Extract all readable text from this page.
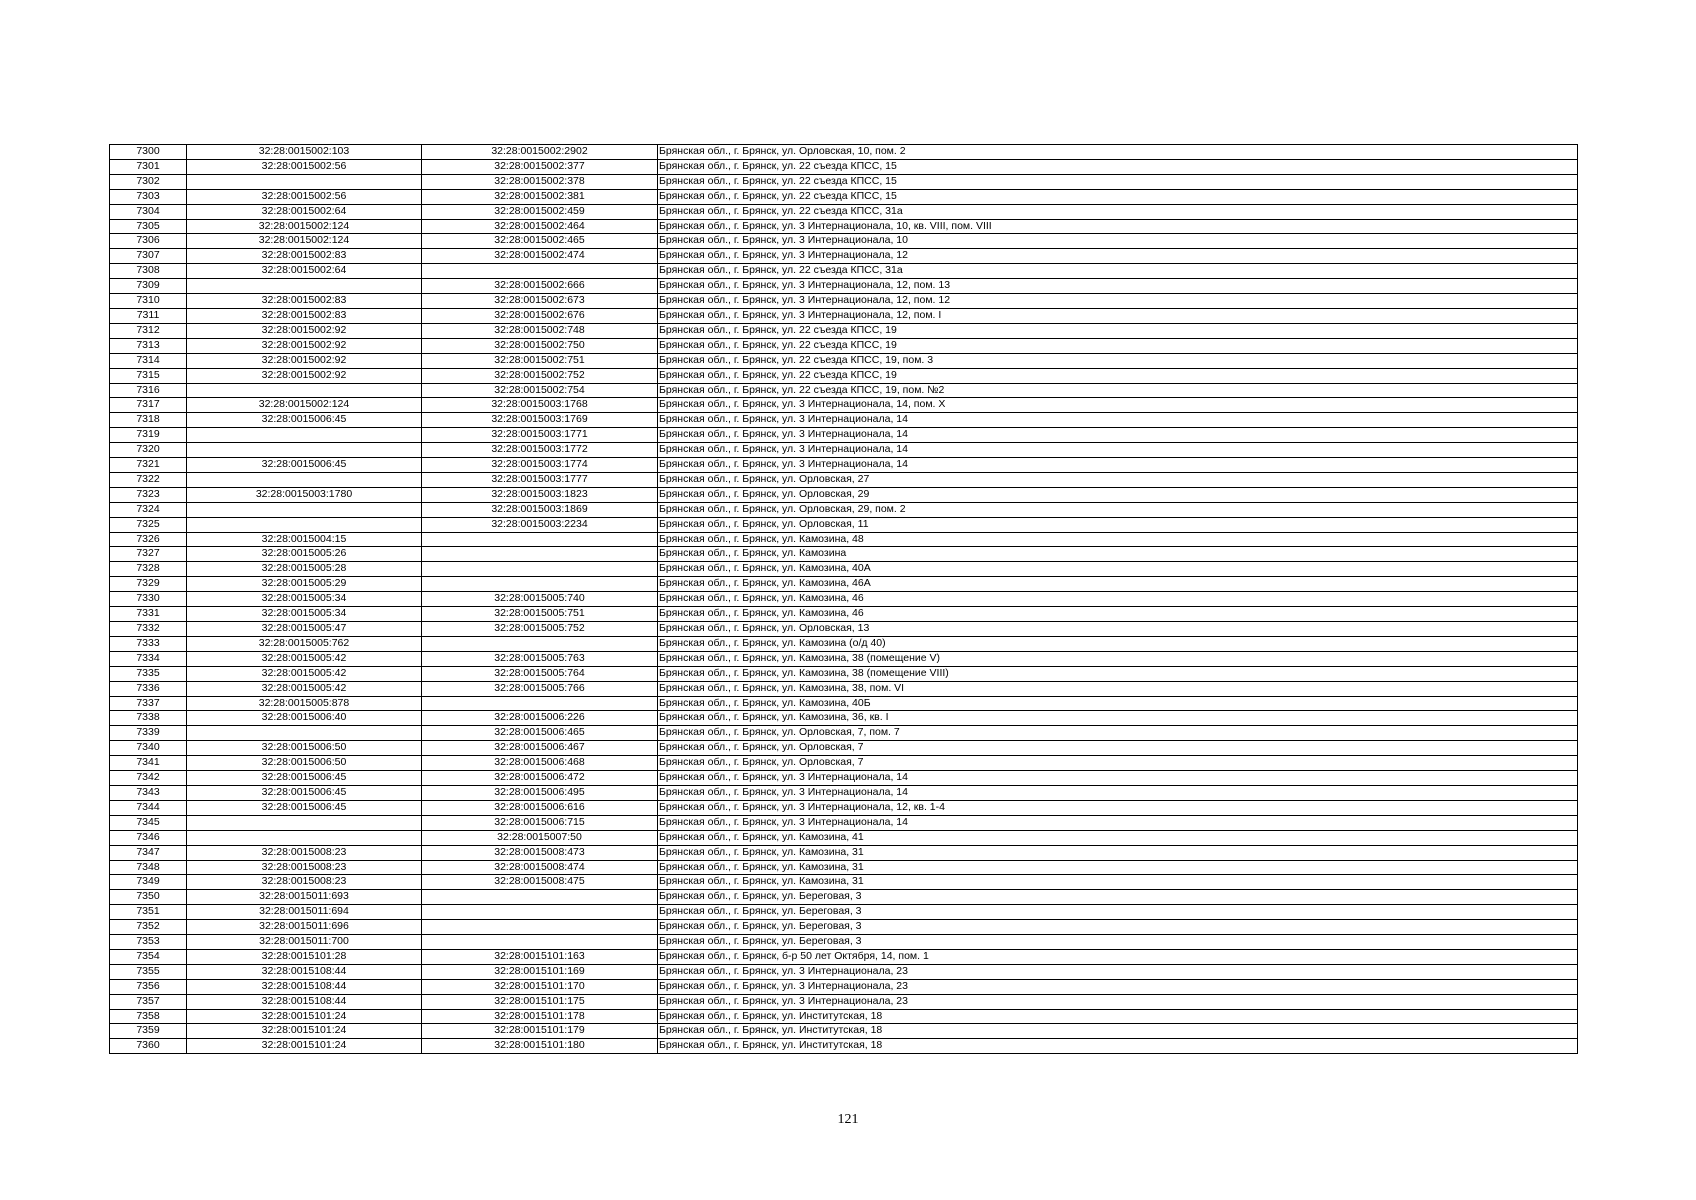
7300	32:28:0015002:103	32:28:0015002:2902	Брянская обл., г. Брянск, ул. Орловская, 10, пом. 2
7301	32:28:0015002:56	32:28:0015002:377	Брянская обл., г. Брянск, ул. 22 съезда КПСС, 15
7302		32:28:0015002:378	Брянская обл., г. Брянск, ул. 22 съезда КПСС, 15
7303	32:28:0015002:56	32:28:0015002:381	Брянская обл., г. Брянск, ул. 22 съезда КПСС, 15
7304	32:28:0015002:64	32:28:0015002:459	Брянская обл., г. Брянск, ул. 22 съезда КПСС, 31а
7305	32:28:0015002:124	32:28:0015002:464	Брянская обл., г. Брянск, ул. 3 Интернационала, 10, кв. VIII, пом. VIII
7306	32:28:0015002:124	32:28:0015002:465	Брянская обл., г. Брянск, ул. 3 Интернационала, 10
7307	32:28:0015002:83	32:28:0015002:474	Брянская обл., г. Брянск, ул. 3 Интернационала, 12
7308	32:28:0015002:64		Брянская обл., г. Брянск, ул. 22 съезда КПСС, 31а
7309		32:28:0015002:666	Брянская обл., г. Брянск, ул. 3 Интернационала, 12, пом. 13
7310	32:28:0015002:83	32:28:0015002:673	Брянская обл., г. Брянск, ул. 3 Интернационала, 12, пом. 12
7311	32:28:0015002:83	32:28:0015002:676	Брянская обл., г. Брянск, ул. 3 Интернационала, 12, пом. I
7312	32:28:0015002:92	32:28:0015002:748	Брянская обл., г. Брянск, ул. 22 съезда КПСС, 19
7313	32:28:0015002:92	32:28:0015002:750	Брянская обл., г. Брянск, ул. 22 съезда КПСС, 19
7314	32:28:0015002:92	32:28:0015002:751	Брянская обл., г. Брянск, ул. 22 съезда КПСС, 19, пом. 3
7315	32:28:0015002:92	32:28:0015002:752	Брянская обл., г. Брянск, ул. 22 съезда КПСС, 19
7316		32:28:0015002:754	Брянская обл., г. Брянск, ул. 22 съезда КПСС, 19, пом. №2
7317	32:28:0015002:124	32:28:0015003:1768	Брянская обл., г. Брянск, ул. 3 Интернационала, 14, пом. X
7318	32:28:0015006:45	32:28:0015003:1769	Брянская обл., г. Брянск, ул. 3 Интернационала, 14
7319		32:28:0015003:1771	Брянская обл., г. Брянск, ул. 3 Интернационала, 14
7320		32:28:0015003:1772	Брянская обл., г. Брянск, ул. 3 Интернационала, 14
7321	32:28:0015006:45	32:28:0015003:1774	Брянская обл., г. Брянск, ул. 3 Интернационала, 14
7322		32:28:0015003:1777	Брянская обл., г. Брянск, ул. Орловская, 27
7323	32:28:0015003:1780	32:28:0015003:1823	Брянская обл., г. Брянск, ул. Орловская, 29
7324		32:28:0015003:1869	Брянская обл., г. Брянск, ул. Орловская, 29, пом. 2
7325		32:28:0015003:2234	Брянская обл., г. Брянск, ул. Орловская, 11
7326	32:28:0015004:15		Брянская обл., г. Брянск, ул. Камозина, 48
7327	32:28:0015005:26		Брянская обл., г. Брянск, ул. Камозина
7328	32:28:0015005:28		Брянская обл., г. Брянск, ул. Камозина, 40А
7329	32:28:0015005:29		Брянская обл., г. Брянск, ул. Камозина, 46А
7330	32:28:0015005:34	32:28:0015005:740	Брянская обл., г. Брянск, ул. Камозина, 46
7331	32:28:0015005:34	32:28:0015005:751	Брянская обл., г. Брянск, ул. Камозина, 46
7332	32:28:0015005:47	32:28:0015005:752	Брянская обл., г. Брянск, ул. Орловская, 13
7333	32:28:0015005:762		Брянская обл., г. Брянск, ул. Камозина (о/д 40)
7334	32:28:0015005:42	32:28:0015005:763	Брянская обл., г. Брянск, ул. Камозина, 38 (помещение V)
7335	32:28:0015005:42	32:28:0015005:764	Брянская обл., г. Брянск, ул. Камозина, 38 (помещение VIII)
7336	32:28:0015005:42	32:28:0015005:766	Брянская обл., г. Брянск, ул. Камозина, 38, пом. VI
7337	32:28:0015005:878		Брянская обл., г. Брянск, ул. Камозина, 40Б
7338	32:28:0015006:40	32:28:0015006:226	Брянская обл., г. Брянск, ул. Камозина, 36, кв. I
7339		32:28:0015006:465	Брянская обл., г. Брянск, ул. Орловская, 7, пом. 7
7340	32:28:0015006:50	32:28:0015006:467	Брянская обл., г. Брянск, ул. Орловская, 7
7341	32:28:0015006:50	32:28:0015006:468	Брянская обл., г. Брянск, ул. Орловская, 7
7342	32:28:0015006:45	32:28:0015006:472	Брянская обл., г. Брянск, ул. 3 Интернационала, 14
7343	32:28:0015006:45	32:28:0015006:495	Брянская обл., г. Брянск, ул. 3 Интернационала, 14
7344	32:28:0015006:45	32:28:0015006:616	Брянская обл., г. Брянск, ул. 3 Интернационала, 12, кв. 1-4
7345		32:28:0015006:715	Брянская обл., г. Брянск, ул. 3 Интернационала, 14
7346		32:28:0015007:50	Брянская обл., г. Брянск, ул. Камозина, 41
7347	32:28:0015008:23	32:28:0015008:473	Брянская обл., г. Брянск, ул. Камозина, 31
7348	32:28:0015008:23	32:28:0015008:474	Брянская обл., г. Брянск, ул. Камозина, 31
7349	32:28:0015008:23	32:28:0015008:475	Брянская обл., г. Брянск, ул. Камозина, 31
7350	32:28:0015011:693		Брянская обл., г. Брянск, ул. Береговая, 3
7351	32:28:0015011:694		Брянская обл., г. Брянск, ул. Береговая, 3
7352	32:28:0015011:696		Брянская обл., г. Брянск, ул. Береговая, 3
7353	32:28:0015011:700		Брянская обл., г. Брянск, ул. Береговая, 3
7354	32:28:0015101:28	32:28:0015101:163	Брянская обл., г. Брянск, б-р 50 лет Октября, 14, пом. 1
7355	32:28:0015108:44	32:28:0015101:169	Брянская обл., г. Брянск, ул. 3 Интернационала, 23
7356	32:28:0015108:44	32:28:0015101:170	Брянская обл., г. Брянск, ул. 3 Интернационала, 23
7357	32:28:0015108:44	32:28:0015101:175	Брянская обл., г. Брянск, ул. 3 Интернационала, 23
7358	32:28:0015101:24	32:28:0015101:178	Брянская обл., г. Брянск, ул. Институтская, 18
7359	32:28:0015101:24	32:28:0015101:179	Брянская обл., г. Брянск, ул. Институтская, 18
7360	32:28:0015101:24	32:28:0015101:180	Брянская обл., г. Брянск, ул. Институтская, 18
121
